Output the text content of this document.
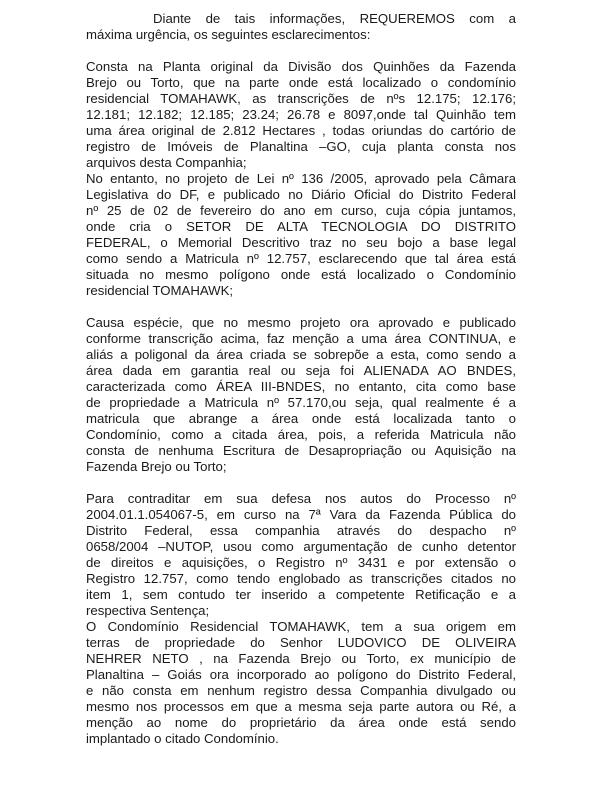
Diante de tais informações, REQUEREMOS com a
máxima urgência, os seguintes esclarecimentos:
Consta na Planta original da Divisão dos Quinhões da Fazenda
Brejo ou Torto, que na parte onde está localizado o condomínio
residencial TOMAHAWK, as transcrições de nºs 12.175; 12.176;
12.181; 12.182; 12.185; 23.24; 26.78 e 8097,onde tal Quinhão tem
uma área original de 2.812 Hectares , todas oriundas do cartório de
registro de Imóveis de Planaltina –GO, cuja planta consta nos
arquivos desta Companhia;
No entanto, no projeto de Lei nº 136 /2005, aprovado pela Câmara
Legislativa do DF, e publicado no Diário Oficial do Distrito Federal
nº 25 de 02 de fevereiro do ano em curso, cuja cópia juntamos,
onde cria o SETOR DE ALTA TECNOLOGIA DO DISTRITO
FEDERAL, o Memorial Descritivo traz no seu bojo a base legal
como sendo a Matricula nº 12.757, esclarecendo que tal área está
situada no mesmo polígono onde está localizado o Condomínio
residencial TOMAHAWK;
Causa espécie, que no mesmo projeto ora aprovado e publicado
conforme transcrição acima, faz menção a uma área CONTINUA, e
aliás a poligonal da área criada se sobrepõe a esta, como sendo a
área dada em garantia real ou seja foi ALIENADA AO BNDES,
caracterizada como ÁREA III-BNDES, no entanto, cita como base
de propriedade a Matricula nº 57.170,ou seja, qual realmente é a
matricula que abrange a área onde está localizada tanto o
Condomínio, como a citada área, pois, a referida Matricula não
consta de nenhuma Escritura de Desapropriação ou Aquisição na
Fazenda Brejo ou Torto;
Para contraditar em sua defesa nos autos do Processo nº
2004.01.1.054067-5, em curso na 7ª Vara da Fazenda Pública do
Distrito Federal, essa companhia através do despacho nº
0658/2004 –NUTOP, usou como argumentação de cunho detentor
de direitos e aquisições, o Registro nº 3431 e por extensão o
Registro 12.757, como tendo englobado as transcrições citados no
item 1, sem contudo ter inserido a competente Retificação e a
respectiva Sentença;
O Condomínio Residencial TOMAHAWK, tem a sua origem em
terras de propriedade do Senhor LUDOVICO DE OLIVEIRA
NEHRER NETO , na Fazenda Brejo ou Torto, ex município de
Planaltina – Goiás ora incorporado ao polígono do Distrito Federal,
e não consta em nenhum registro dessa Companhia divulgado ou
mesmo nos processos em que a mesma seja parte autora ou Ré, a
menção ao nome do proprietário da área onde está sendo
implantado o citado Condomínio.
